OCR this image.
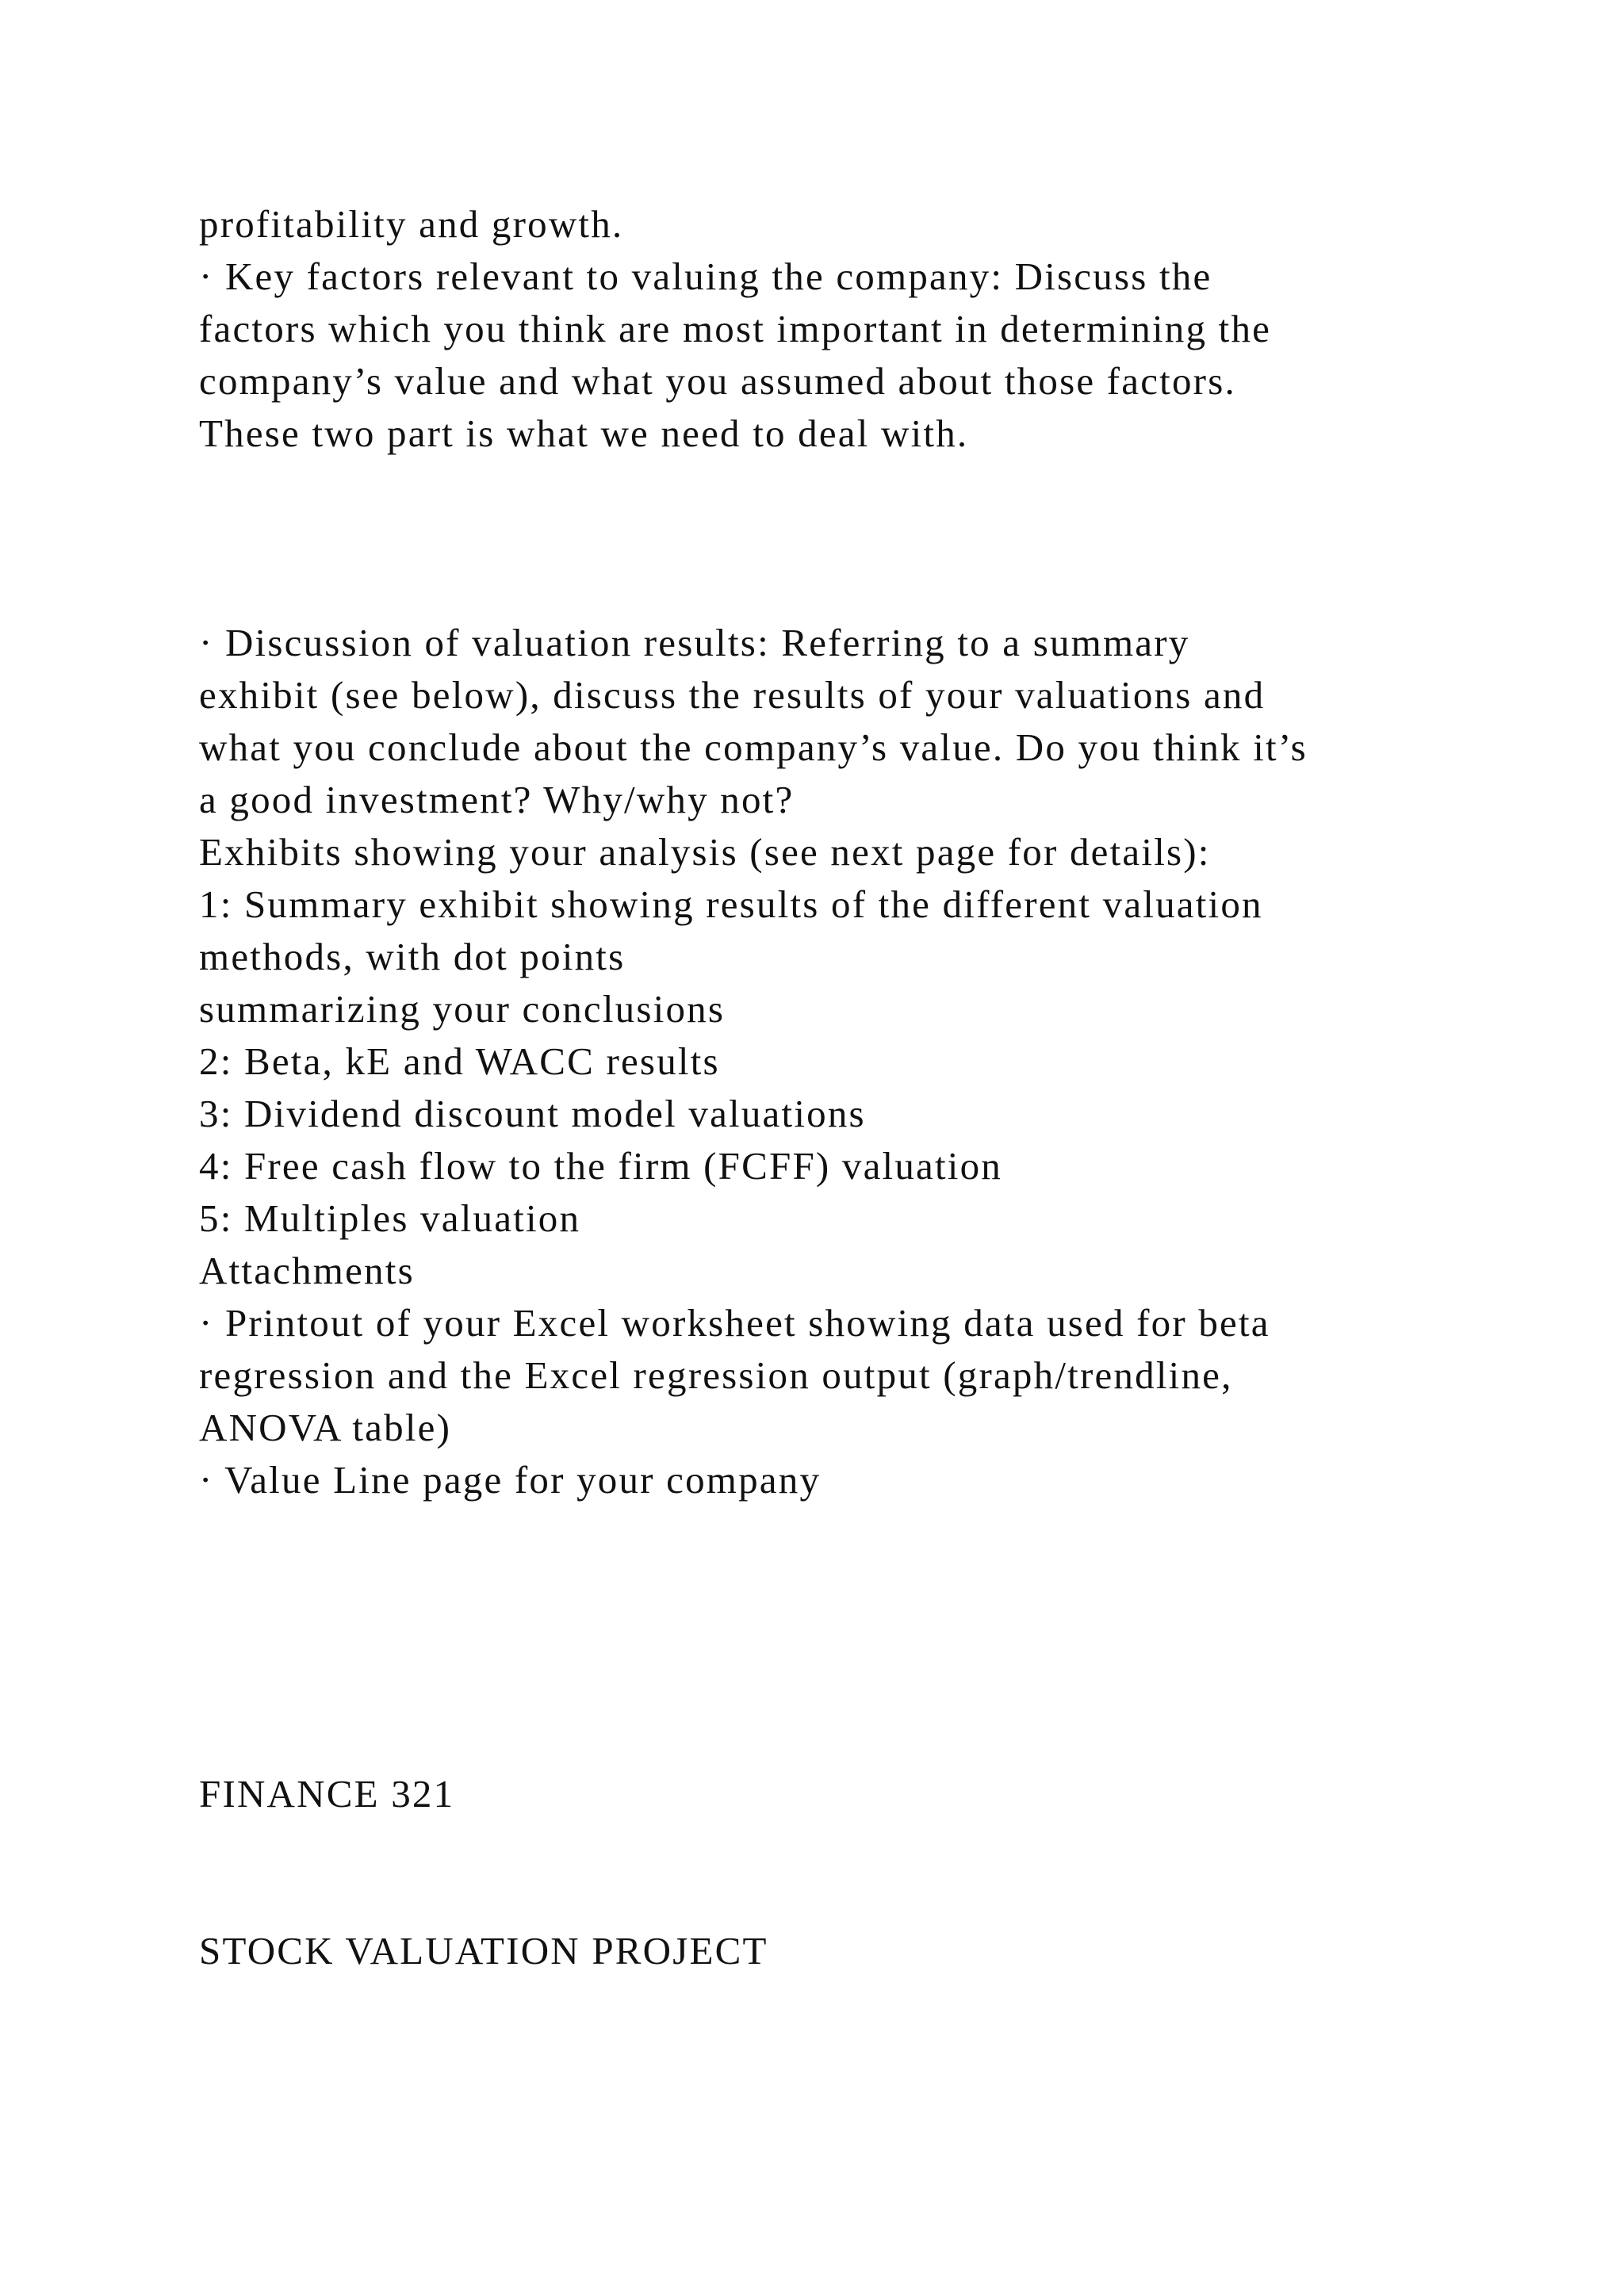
profitability and growth.

· Key factors relevant to valuing the company: Discuss the

factors which you think are most important in determining the

company’s value and what you assumed about those factors.

These two part is what we need to deal with.

· Discussion of valuation results: Referring to a summary

exhibit (see below), discuss the results of your valuations and

what you conclude about the company’s value. Do you think it’s

a good investment? Why/why not?

Exhibits showing your analysis (see next page for details):

1: Summary exhibit showing results of the different valuation

methods, with dot points

summarizing your conclusions

2: Beta, kE and WACC results

3: Dividend discount model valuations

4: Free cash flow to the firm (FCFF) valuation

5: Multiples valuation

Attachments

· Printout of your Excel worksheet showing data used for beta

regression and the Excel regression output (graph/trendline,

ANOVA table)

· Value Line page for your company

FINANCE 321

STOCK VALUATION PROJECT
